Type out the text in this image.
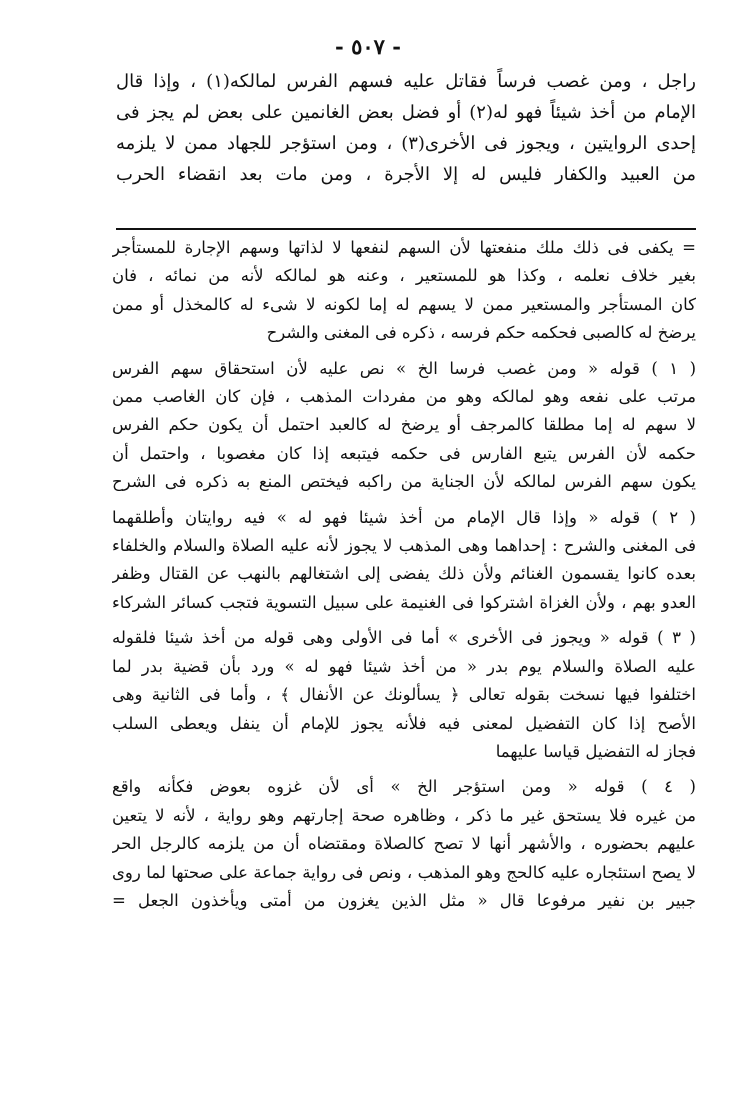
- ٥٠٧ -
راجل ، ومن غصب فرساً فقاتل عليه فسهم الفرس لمالكه(١) ، وإذا قال
الإمام من أخذ شيئاً فهو له(٢) أو فضل بعض الغانمين على بعض لم يجز فى
إحدى الروايتين ، ويجوز فى الأخرى(٣) ، ومن استؤجر للجهاد ممن لا يلزمه
من العبيد والكفار فليس له إلا الأجرة ، ومن مات بعد انقضاء الحرب
= يكفى فى ذلك ملك منفعتها لأن السهم لنفعها لا لذاتها وسهم الإجارة للمستأجر
بغير خلاف نعلمه ، وكذا هو للمستعير ، وعنه هو لمالكه لأنه من نمائه ، فان
كان المستأجر والمستعير ممن لا يسهم له إما لكونه لا شىء له كالمخذل أو ممن
يرضخ له كالصبى فحكمه حكم فرسه ، ذكره فى المغنى والشرح
( ١ ) قوله « ومن غصب فرسا الخ » نص عليه لأن استحقاق سهم الفرس
مرتب على نفعه وهو لمالكه وهو من مفردات المذهب ، فإن كان الغاصب ممن
لا سهم له إما مطلقا كالمرجف أو يرضخ له كالعبد احتمل أن يكون حكم الفرس
حكمه لأن الفرس يتبع الفارس فى حكمه فيتبعه إذا كان مغصوبا ، واحتمل أن
يكون سهم الفرس لمالكه لأن الجناية من راكبه فيختص المنع به ذكره فى الشرح
( ٢ ) قوله « وإذا قال الإمام من أخذ شيئا فهو له » فيه روايتان وأطلقهما
فى المغنى والشرح : إحداهما وهى المذهب لا يجوز لأنه عليه الصلاة والسلام والخلفاء
بعده كانوا يقسمون الغنائم ولأن ذلك يفضى إلى اشتغالهم بالنهب عن القتال وظفر
العدو بهم ، ولأن الغزاة اشتركوا فى الغنيمة على سبيل التسوية فتجب كسائر الشركاء
( ٣ ) قوله « ويجوز فى الأخرى » أما فى الأولى وهى قوله من أخذ شيئا فلقوله
عليه الصلاة والسلام يوم بدر « من أخذ شيئا فهو له » ورد بأن قضية بدر لما
اختلفوا فيها نسخت بقوله تعالى ﴿ يسألونك عن الأنفال ﴾ ، وأما فى الثانية وهى
الأصح إذا كان التفضيل لمعنى فيه فلأنه يجوز للإمام أن ينفل ويعطى السلب
فجاز له التفضيل قياسا عليهما
( ٤ ) قوله « ومن استؤجر الخ » أى لأن غزوه بعوض فكأنه واقع
من غيره فلا يستحق غير ما ذكر ، وظاهره صحة إجارتهم وهو رواية ، لأنه لا يتعين
عليهم بحضوره ، والأشهر أنها لا تصح كالصلاة ومقتضاه أن من يلزمه كالرجل الحر
لا يصح استئجاره عليه كالحج وهو المذهب ، ونص فى رواية جماعة على صحتها لما روى
جبير بن نفير مرفوعا قال « مثل الذين يغزون من أمتى ويأخذون الجعل =
